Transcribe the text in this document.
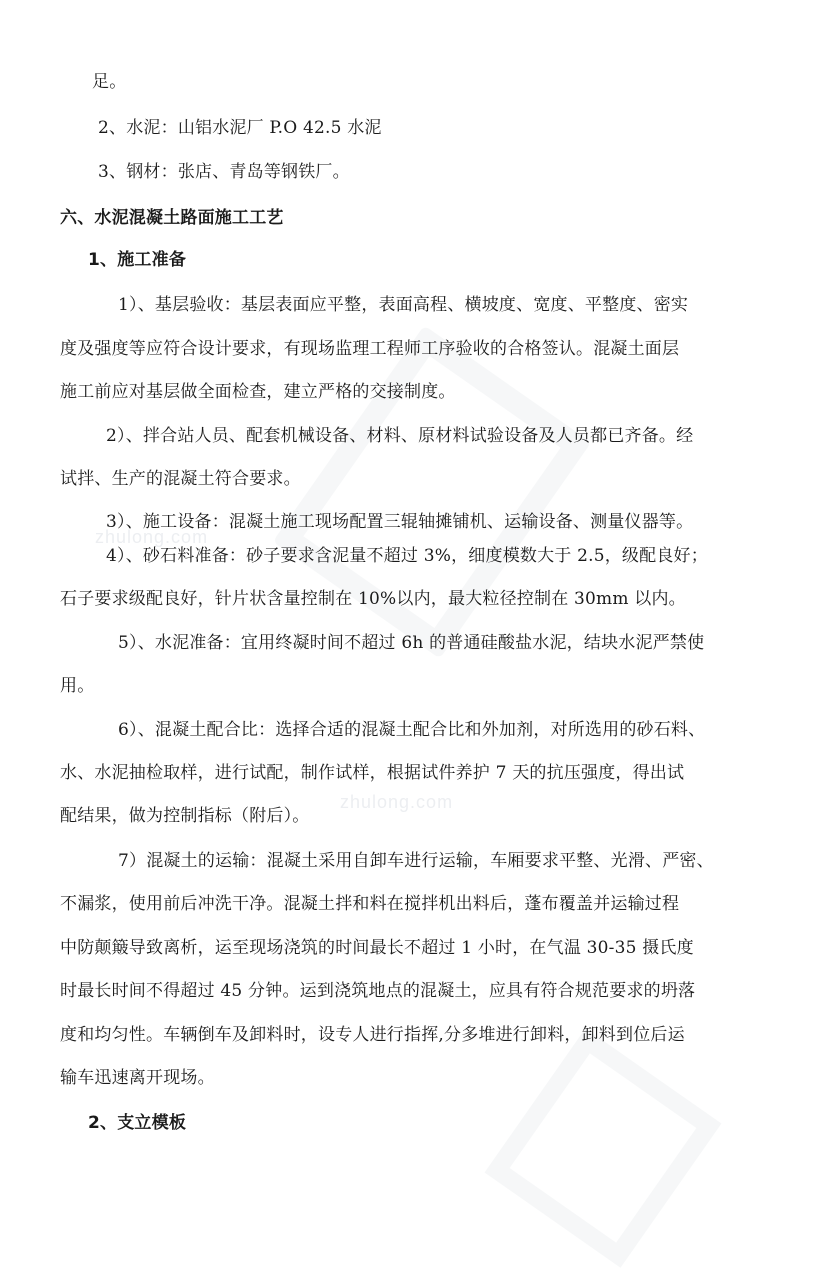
zhulong.com
zhulong.com
足。
2、水泥：山铝水泥厂 P.O 42.5 水泥
3、钢材：张店、青岛等钢铁厂。
六、水泥混凝土路面施工工艺
1、施工准备
1）、基层验收：基层表面应平整，表面高程、横坡度、宽度、平整度、密实
度及强度等应符合设计要求，有现场监理工程师工序验收的合格签认。混凝土面层
施工前应对基层做全面检查，建立严格的交接制度。
2）、拌合站人员、配套机械设备、材料、原材料试验设备及人员都已齐备。经
试拌、生产的混凝土符合要求。
3）、施工设备：混凝土施工现场配置三辊轴摊铺机、运输设备、测量仪器等。
4）、砂石料准备：砂子要求含泥量不超过 3%，细度模数大于 2.5，级配良好；
石子要求级配良好，针片状含量控制在 10%以内，最大粒径控制在 30mm 以内。
5）、水泥准备：宜用终凝时间不超过 6h 的普通硅酸盐水泥，结块水泥严禁使
用。
6）、混凝土配合比：选择合适的混凝土配合比和外加剂，对所选用的砂石料、
水、水泥抽检取样，进行试配，制作试样，根据试件养护 7 天的抗压强度，得出试
配结果，做为控制指标（附后）。
7）混凝土的运输：混凝土采用自卸车进行运输，车厢要求平整、光滑、严密、
不漏浆，使用前后冲洗干净。混凝土拌和料在搅拌机出料后，蓬布覆盖并运输过程
中防颠簸导致离析，运至现场浇筑的时间最长不超过 1 小时，在气温 30-35 摄氏度
时最长时间不得超过 45 分钟。运到浇筑地点的混凝土，应具有符合规范要求的坍落
度和均匀性。车辆倒车及卸料时，设专人进行指挥,分多堆进行卸料，卸料到位后运
输车迅速离开现场。
2、支立模板
